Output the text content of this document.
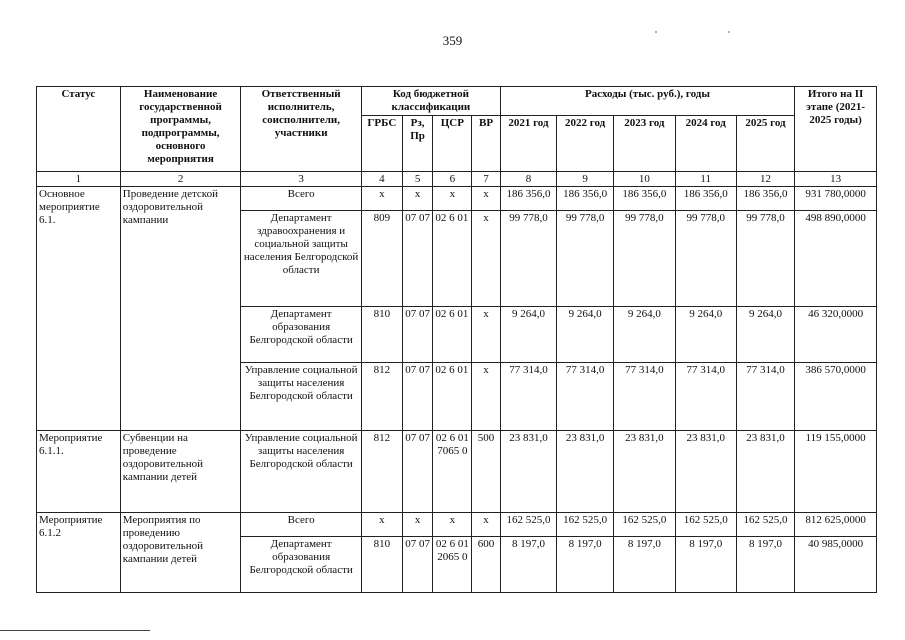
359
Статус	Наименование государственной программы, подпрограммы, основного мероприятия	Ответственный исполнитель, соисполнители, участники	Код бюджетной классификации				Расходы (тыс. руб.), годы					Итого на II этапе (2021-2025 годы)
			ГРБС	Рз, Пр	ЦСР	ВР	2021 год	2022 год	2023 год	2024 год	2025 год	
1	2	3	4	5	6	7	8	9	10	11	12	13
Основное мероприятие 6.1.	Проведение детской оздоровительной кампании	Всего	х	х	х	х	186 356,0	186 356,0	186 356,0	186 356,0	186 356,0	931 780,0000
		Департамент здравоохранения и социальной защиты населения Белгородской области	809	07 07	02 6 01	х	99 778,0	99 778,0	99 778,0	99 778,0	99 778,0	498 890,0000
		Департамент образования Белгородской области	810	07 07	02 6 01	х	9 264,0	9 264,0	9 264,0	9 264,0	9 264,0	46 320,0000
		Управление социальной защиты населения Белгородской области	812	07 07	02 6 01	х	77 314,0	77 314,0	77 314,0	77 314,0	77 314,0	386 570,0000
Мероприятие 6.1.1.	Субвенции на проведение оздоровительной кампании детей	Управление социальной защиты населения Белгородской области	812	07 07	02 6 01 7065 0	500	23 831,0	23 831,0	23 831,0	23 831,0	23 831,0	119 155,0000
Мероприятие 6.1.2	Мероприятия по проведению оздоровительной кампании детей	Всего	х	х	х	х	162 525,0	162 525,0	162 525,0	162 525,0	162 525,0	812 625,0000
		Департамент образования Белгородской области	810	07 07	02 6 01 2065 0	600	8 197,0	8 197,0	8 197,0	8 197,0	8 197,0	40 985,0000
